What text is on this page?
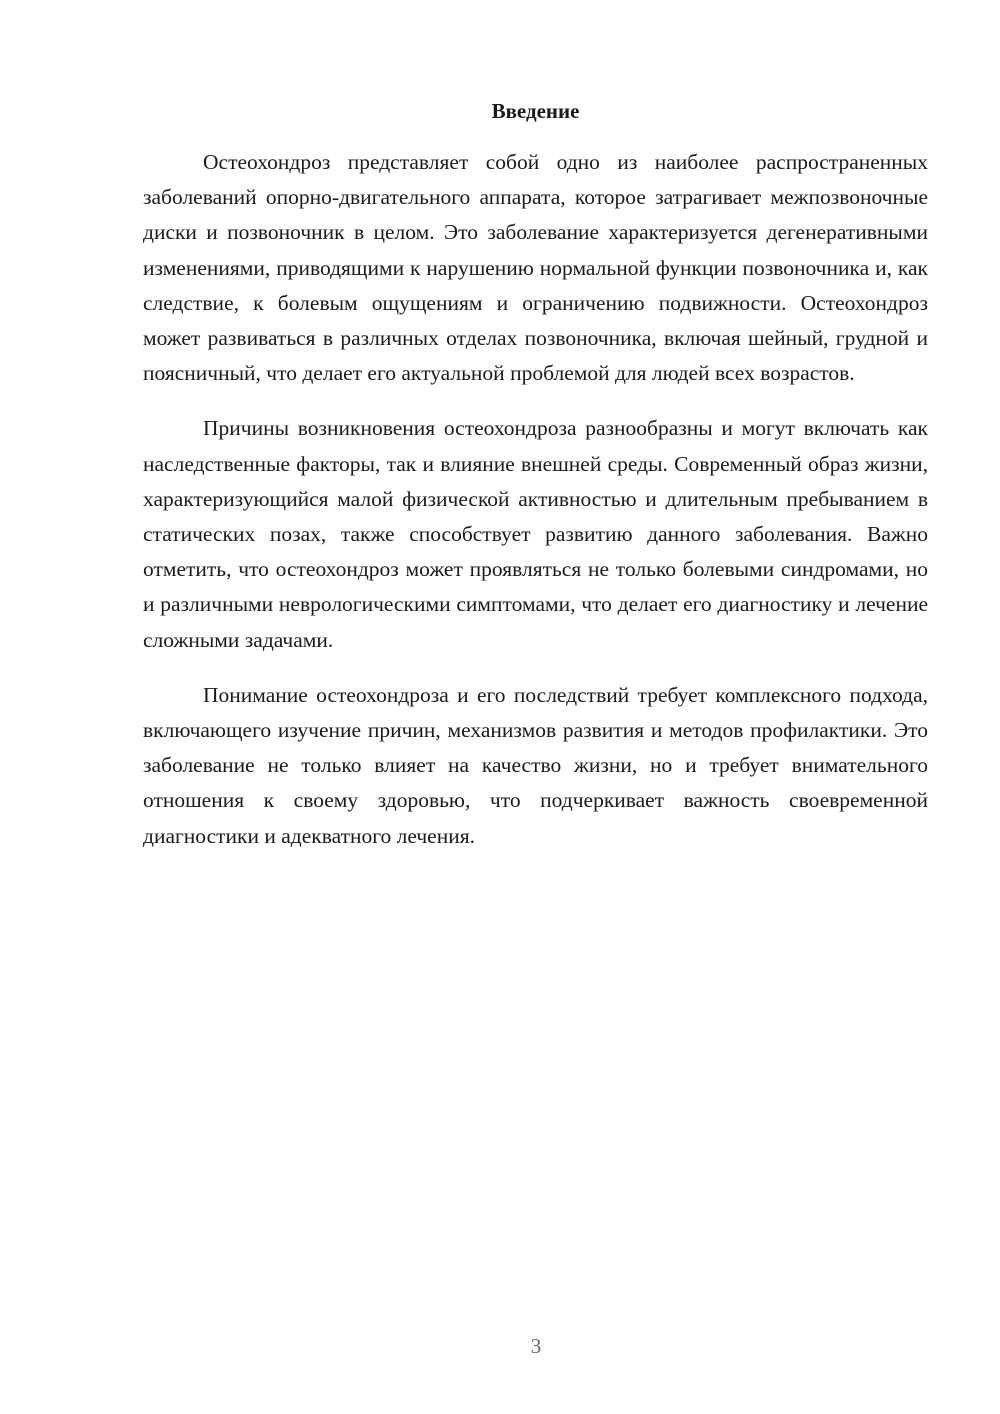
Введение

Остеохондроз представляет собой одно из наиболее распространенных заболеваний опорно-двигательного аппарата, которое затрагивает межпозвоночные диски и позвоночник в целом. Это заболевание характеризуется дегенеративными изменениями, приводящими к нарушению нормальной функции позвоночника и, как следствие, к болевым ощущениям и ограничению подвижности. Остеохондроз может развиваться в различных отделах позвоночника, включая шейный, грудной и поясничный, что делает его актуальной проблемой для людей всех возрастов.

Причины возникновения остеохондроза разнообразны и могут включать как наследственные факторы, так и влияние внешней среды. Современный образ жизни, характеризующийся малой физической активностью и длительным пребыванием в статических позах, также способствует развитию данного заболевания. Важно отметить, что остеохондроз может проявляться не только болевыми синдромами, но и различными неврологическими симптомами, что делает его диагностику и лечение сложными задачами.

Понимание остеохондроза и его последствий требует комплексного подхода, включающего изучение причин, механизмов развития и методов профилактики. Это заболевание не только влияет на качество жизни, но и требует внимательного отношения к своему здоровью, что подчеркивает важность своевременной диагностики и адекватного лечения.

3
